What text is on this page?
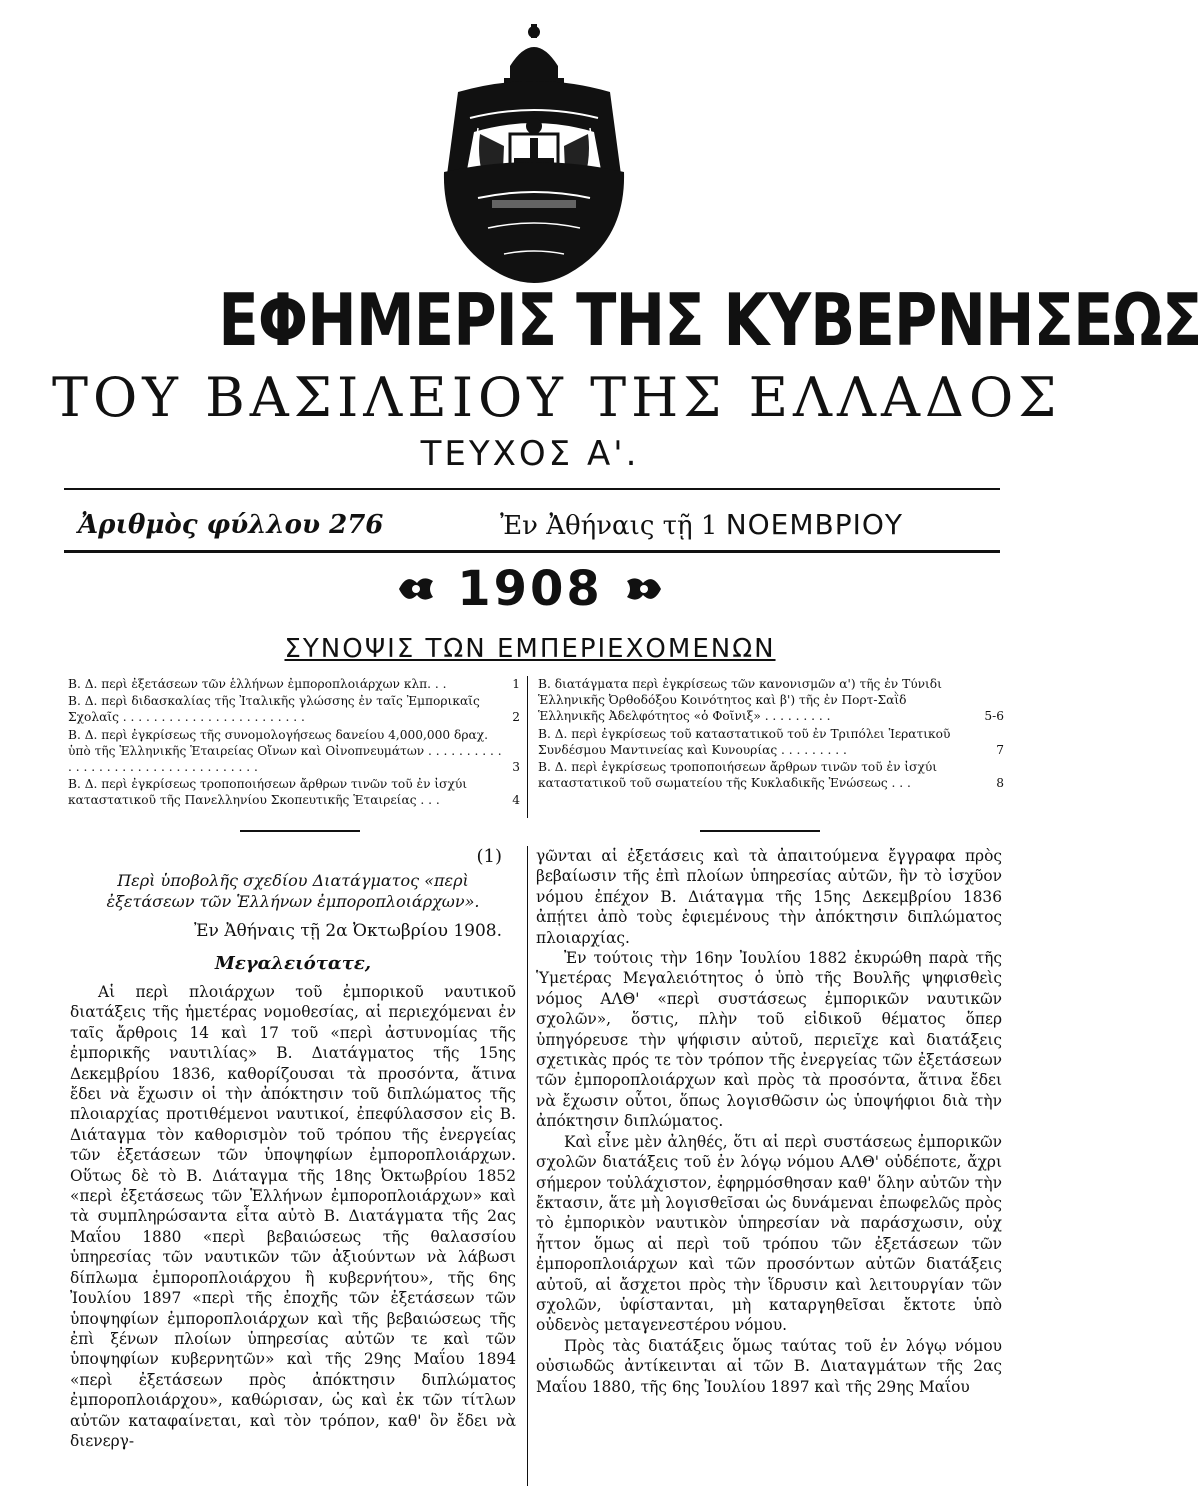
ΕΦΗΜΕΡΙΣ ΤΗΣ ΚΥΒΕΡΝΗΣΕΩΣ
ΤΟΥ ΒΑΣΙΛΕΙΟΥ ΤΗΣ ΕΛΛΑΔΟΣ
ΤΕΥΧΟΣ Α'.
Ἀριθμὸς φύλλου 276	Ἐν Ἀθήναις τῇ 1 ΝΟΕΜΒΡΙΟΥ
1908
ΣΥΝΟΨΙΣ ΤΩΝ ΕΜΠΕΡΙΕΧΟΜΕΝΩΝ
Β. Δ. περὶ ἐξετάσεων τῶν ἑλλήνων ἐμποροπλοιάρχων κλπ. . .	1
Β. Δ. περὶ διδασκαλίας τῆς Ἰταλικῆς γλώσσης ἐν ταῖς Ἐμπορικαῖς Σχολαῖς . . . . . . . . . . . . . . . . . . . . . . . .	2
Β. Δ. περὶ ἐγκρίσεως τῆς συνομολογήσεως δανείου 4,000,000 δραχ. ὑπὸ τῆς Ἑλληνικῆς Ἑταιρείας Οἴνων καὶ Οἰνοπνευμάτων . . . . . . . . . . . . . . . . . . . . . . . . . . . . . . . . . . .	3
Β. Δ. περὶ ἐγκρίσεως τροποποιήσεων ἄρθρων τινῶν τοῦ ἐν ἰσχύι καταστατικοῦ τῆς Πανελληνίου Σκοπευτικῆς Ἑταιρείας . . .	4
Β. διατάγματα περὶ ἐγκρίσεως τῶν κανονισμῶν α') τῆς ἐν Τύνιδι Ἑλληνικῆς Ὀρθοδόξου Κοινότητος καὶ β') τῆς ἐν Πορτ-Σαῒδ Ἑλληνικῆς Ἀδελφότητος «ὁ Φοῖνιξ» . . . . . . . . .	5-6
Β. Δ. περὶ ἐγκρίσεως τοῦ καταστατικοῦ τοῦ ἐν Τριπόλει Ἱερατικοῦ Συνδέσμου Μαντινείας καὶ Κυνουρίας . . . . . . . . .	7
Β. Δ. περὶ ἐγκρίσεως τροποποιήσεων ἄρθρων τινῶν τοῦ ἐν ἰσχύι καταστατικοῦ τοῦ σωματείου τῆς Κυκλαδικῆς Ἑνώσεως . . .	8
(1)
Περὶ ὑποβολῆς σχεδίου Διατάγματος «περὶ ἐξετάσεων τῶν Ἑλλήνων ἐμποροπλοιάρχων».
Ἐν Ἀθήναις τῇ 2α Ὀκτωβρίου 1908.
Μεγαλειότατε,

Αἱ περὶ πλοιάρχων τοῦ ἐμπορικοῦ ναυτικοῦ διατάξεις τῆς ἡμετέρας νομοθεσίας, αἱ περιεχόμεναι ἐν ταῖς ἄρθροις 14 καὶ 17 τοῦ «περὶ ἀστυνομίας τῆς ἐμπορικῆς ναυτιλίας» Β. Διατάγματος τῆς 15ης Δεκεμβρίου 1836, καθορίζουσαι τὰ προσόντα, ἅτινα ἔδει νὰ ἔχωσιν οἱ τὴν ἀπόκτησιν τοῦ διπλώματος τῆς πλοιαρχίας προτιθέμενοι ναυτικοί, ἐπεφύλασσον εἰς Β. Διάταγμα τὸν καθορισμὸν τοῦ τρόπου τῆς ἐνεργείας τῶν ἐξετάσεων τῶν ὑποψηφίων ἐμποροπλοιάρχων. Οὕτως δὲ τὸ Β. Διάταγμα τῆς 18ης Ὀκτωβρίου 1852 «περὶ ἐξετάσεως τῶν Ἑλλήνων ἐμποροπλοιάρχων» καὶ τὰ συμπληρώσαντα εἶτα αὐτὸ Β. Διατάγματα τῆς 2ας Μαΐου 1880 «περὶ βεβαιώσεως τῆς θαλασσίου ὑπηρεσίας τῶν ναυτικῶν τῶν ἀξιούντων νὰ λάβωσι δίπλωμα ἐμποροπλοιάρχου ἢ κυβερνήτου», τῆς 6ης Ἰουλίου 1897 «περὶ τῆς ἐποχῆς τῶν ἐξετάσεων τῶν ὑποψηφίων ἐμποροπλοιάρχων καὶ τῆς βεβαιώσεως τῆς ἐπὶ ξένων πλοίων ὑπηρεσίας αὐτῶν τε καὶ τῶν ὑποψηφίων κυβερνητῶν» καὶ τῆς 29ης Μαΐου 1894 «περὶ ἐξετάσεων πρὸς ἀπόκτησιν διπλώματος ἐμποροπλοιάρχου», καθώρισαν, ὡς καὶ ἐκ τῶν τίτλων αὐτῶν καταφαίνεται, καὶ τὸν τρόπον, καθ' ὃν ἔδει νὰ διενεργ-

γῶνται αἱ ἐξετάσεις καὶ τὰ ἀπαιτούμενα ἔγγραφα πρὸς βεβαίωσιν τῆς ἐπὶ πλοίων ὑπηρεσίας αὐτῶν, ἣν τὸ ἰσχῦον νόμου ἐπέχον Β. Διάταγμα τῆς 15ης Δεκεμβρίου 1836 ἀπῄτει ἀπὸ τοὺς ἐφιεμένους τὴν ἀπόκτησιν διπλώματος πλοιαρχίας.

Ἐν τούτοις τὴν 16ην Ἰουλίου 1882 ἐκυρώθη παρὰ τῆς Ὑμετέρας Μεγαλειότητος ὁ ὑπὸ τῆς Βουλῆς ψηφισθεὶς νόμος ΑΛΘ' «περὶ συστάσεως ἐμπορικῶν ναυτικῶν σχολῶν», ὅστις, πλὴν τοῦ εἰδικοῦ θέματος ὅπερ ὑπηγόρευσε τὴν ψήφισιν αὐτοῦ, περιεῖχε καὶ διατάξεις σχετικὰς πρός τε τὸν τρόπον τῆς ἐνεργείας τῶν ἐξετάσεων τῶν ἐμποροπλοιάρχων καὶ πρὸς τὰ προσόντα, ἅτινα ἔδει νὰ ἔχωσιν οὗτοι, ὅπως λογισθῶσιν ὡς ὑποψήφιοι διὰ τὴν ἀπόκτησιν διπλώματος.

Καὶ εἶνε μὲν ἀληθές, ὅτι αἱ περὶ συστάσεως ἐμπορικῶν σχολῶν διατάξεις τοῦ ἐν λόγῳ νόμου ΑΛΘ' οὐδέποτε, ἄχρι σήμερον τοὐλάχιστον, ἐφηρμόσθησαν καθ' ὅλην αὐτῶν τὴν ἔκτασιν, ἅτε μὴ λογισθεῖσαι ὡς δυνάμεναι ἐπωφελῶς πρὸς τὸ ἐμπορικὸν ναυτικὸν ὑπηρεσίαν νὰ παράσχωσιν, οὐχ ἧττον ὅμως αἱ περὶ τοῦ τρόπου τῶν ἐξετάσεων τῶν ἐμποροπλοιάρχων καὶ τῶν προσόντων αὐτῶν διατάξεις αὐτοῦ, αἱ ἄσχετοι πρὸς τὴν ἵδρυσιν καὶ λειτουργίαν τῶν σχολῶν, ὑφίστανται, μὴ καταργηθεῖσαι ἔκτοτε ὑπὸ οὐδενὸς μεταγενεστέρου νόμου.

Πρὸς τὰς διατάξεις ὅμως ταύτας τοῦ ἐν λόγῳ νόμου οὐσιωδῶς ἀντίκεινται αἱ τῶν Β. Διαταγμάτων τῆς 2ας Μαΐου 1880, τῆς 6ης Ἰουλίου 1897 καὶ τῆς 29ης Μαΐου
